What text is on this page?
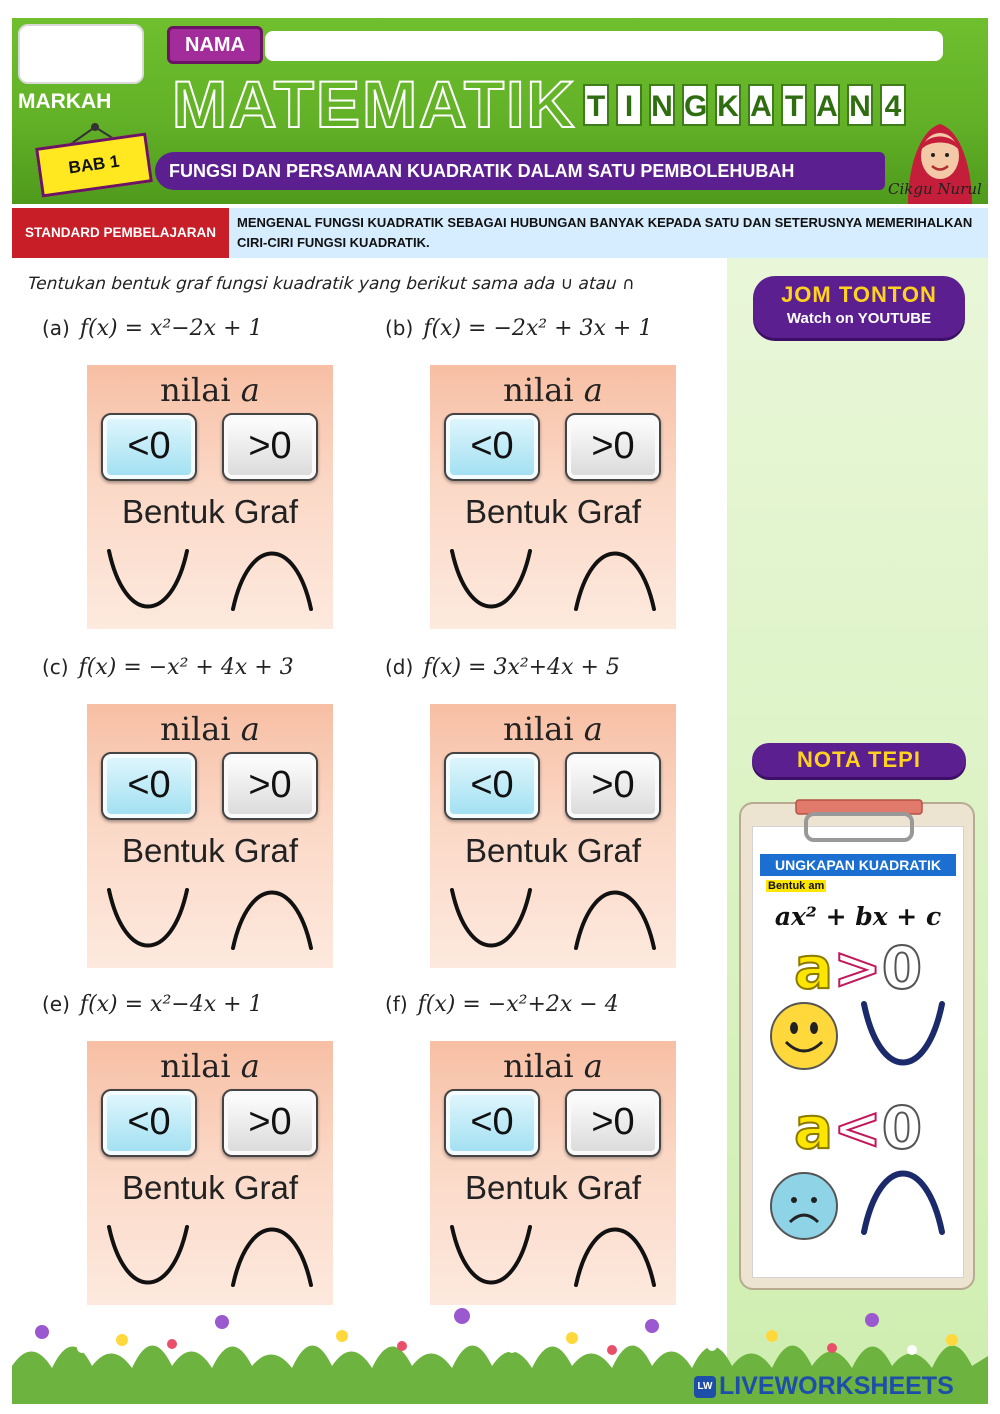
MARKAH
NAMA
MATEMATIK T I N G K A T A N 4
BAB 1	FUNGSI DAN PERSAMAAN KUADRATIK DALAM SATU PEMBOLEHUBAH
Cikgu Nurul
STANDARD PEMBELAJARAN
MENGENAL FUNGSI KUADRATIK SEBAGAI HUBUNGAN BANYAK KEPADA SATU DAN SETERUSNYA MEMERIHALKAN CIRI-CIRI FUNGSI KUADRATIK.
JOM TONTON
Watch on YOUTUBE
NOTA TEPI
UNGKAPAN KUADRATIK
Bentuk am
ax² + bx + c
a>0
a<0
Tentukan bentuk graf fungsi kuadratik yang berikut sama ada ∪ atau ∩
(a) f(x) = x²−2x + 1
nilai a
<0	>0
Bentuk Graf
(b) f(x) = −2x² + 3x + 1
nilai a
<0	>0
Bentuk Graf
(c) f(x) = −x² + 4x + 3
nilai a
<0	>0
Bentuk Graf
(d) f(x) = 3x²+4x + 5
nilai a
<0	>0
Bentuk Graf
(e) f(x) = x²−4x + 1
nilai a
<0	>0
Bentuk Graf
(f) f(x) = −x²+2x − 4
nilai a
<0	>0
Bentuk Graf
LW LIVEWORKSHEETS
